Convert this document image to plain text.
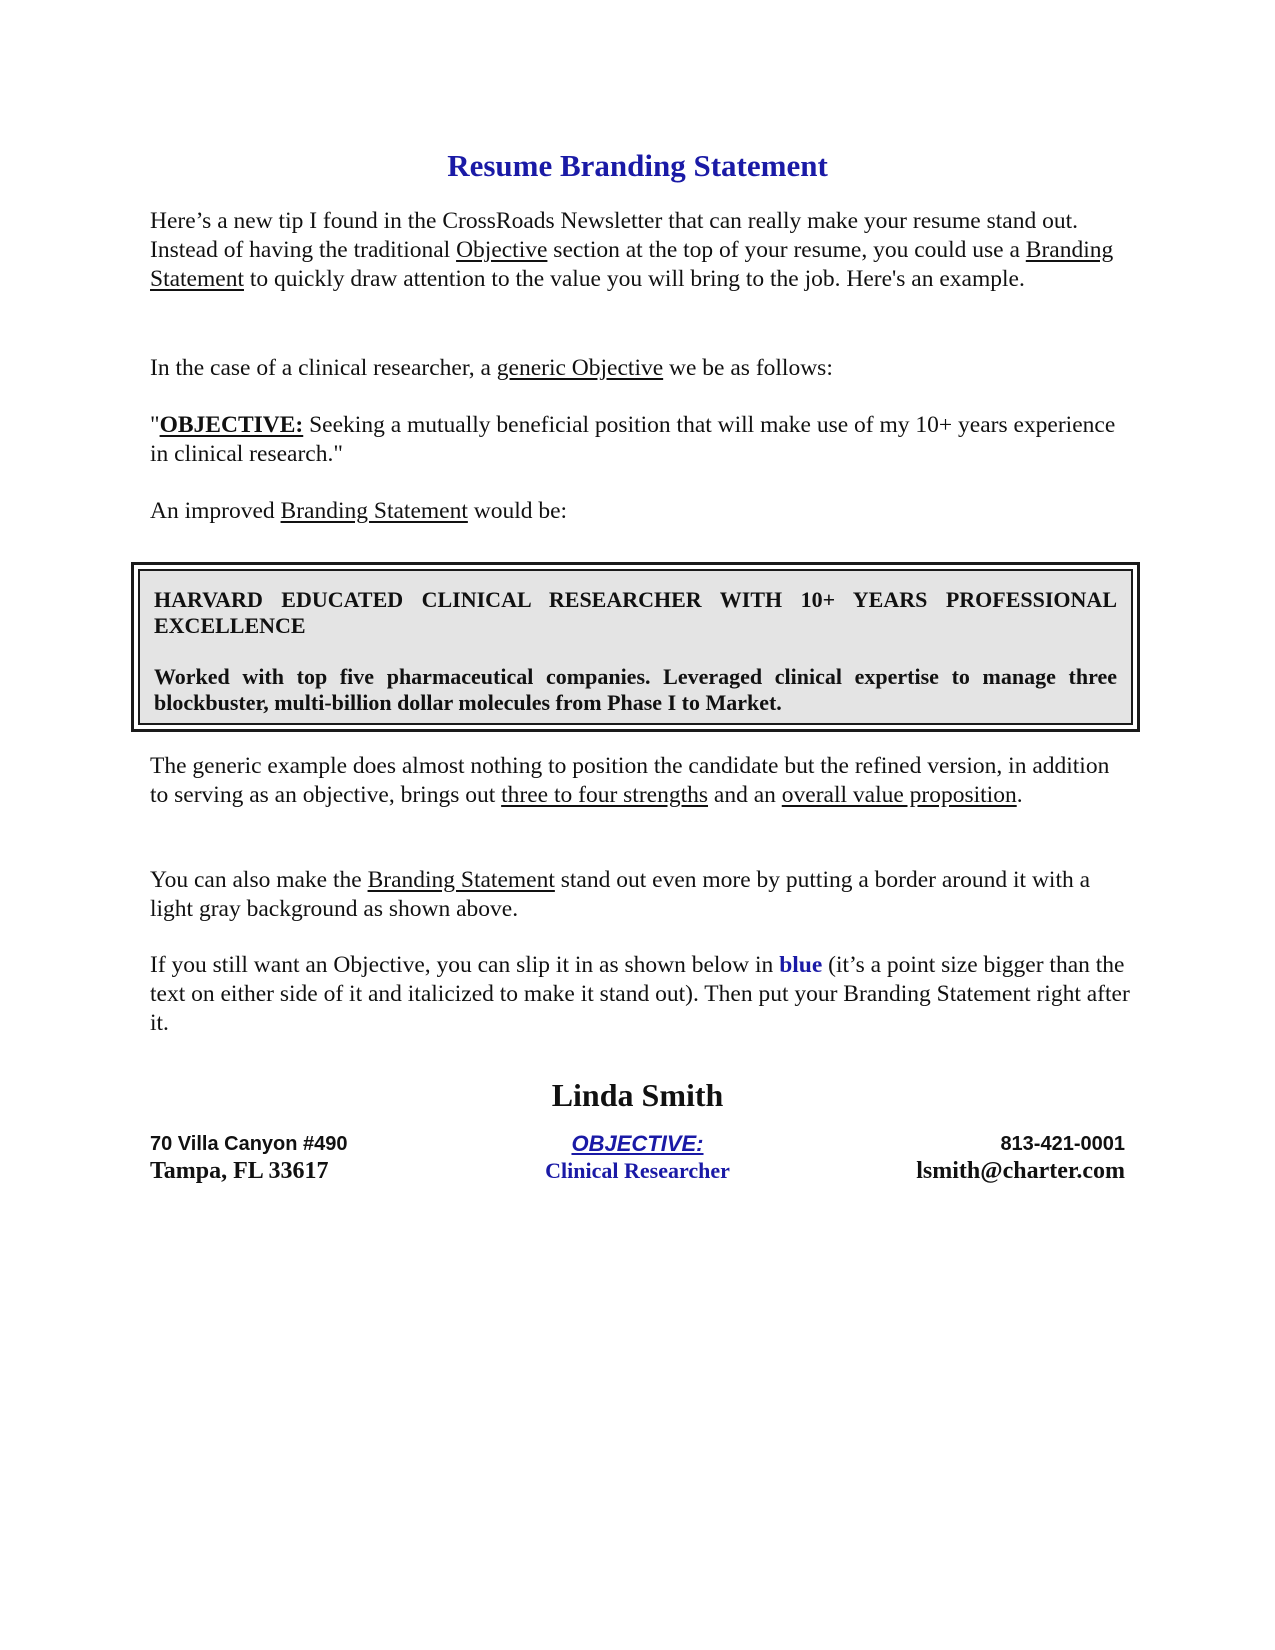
Resume Branding Statement

Here’s a new tip I found in the CrossRoads Newsletter that can really make your resume stand out. Instead of having the traditional Objective section at the top of your resume, you could use a Branding Statement to quickly draw attention to the value you will bring to the job. Here's an example.

In the case of a clinical researcher, a generic Objective we be as follows:

"OBJECTIVE: Seeking a mutually beneficial position that will make use of my 10+ years experience in clinical research."

An improved Branding Statement would be:

HARVARD EDUCATED CLINICAL RESEARCHER WITH 10+ YEARS PROFESSIONAL EXCELLENCE

Worked with top five pharmaceutical companies. Leveraged clinical expertise to manage three blockbuster, multi-billion dollar molecules from Phase I to Market.

The generic example does almost nothing to position the candidate but the refined version, in addition to serving as an objective, brings out three to four strengths and an overall value proposition.

You can also make the Branding Statement stand out even more by putting a border around it with a light gray background as shown above.

If you still want an Objective, you can slip it in as shown below in blue (it’s a point size bigger than the text on either side of it and italicized to make it stand out). Then put your Branding Statement right after it.

Linda Smith
70 Villa Canyon #490
Tampa, FL 33617
OBJECTIVE:
Clinical Researcher
813-421-0001
lsmith@charter.com
